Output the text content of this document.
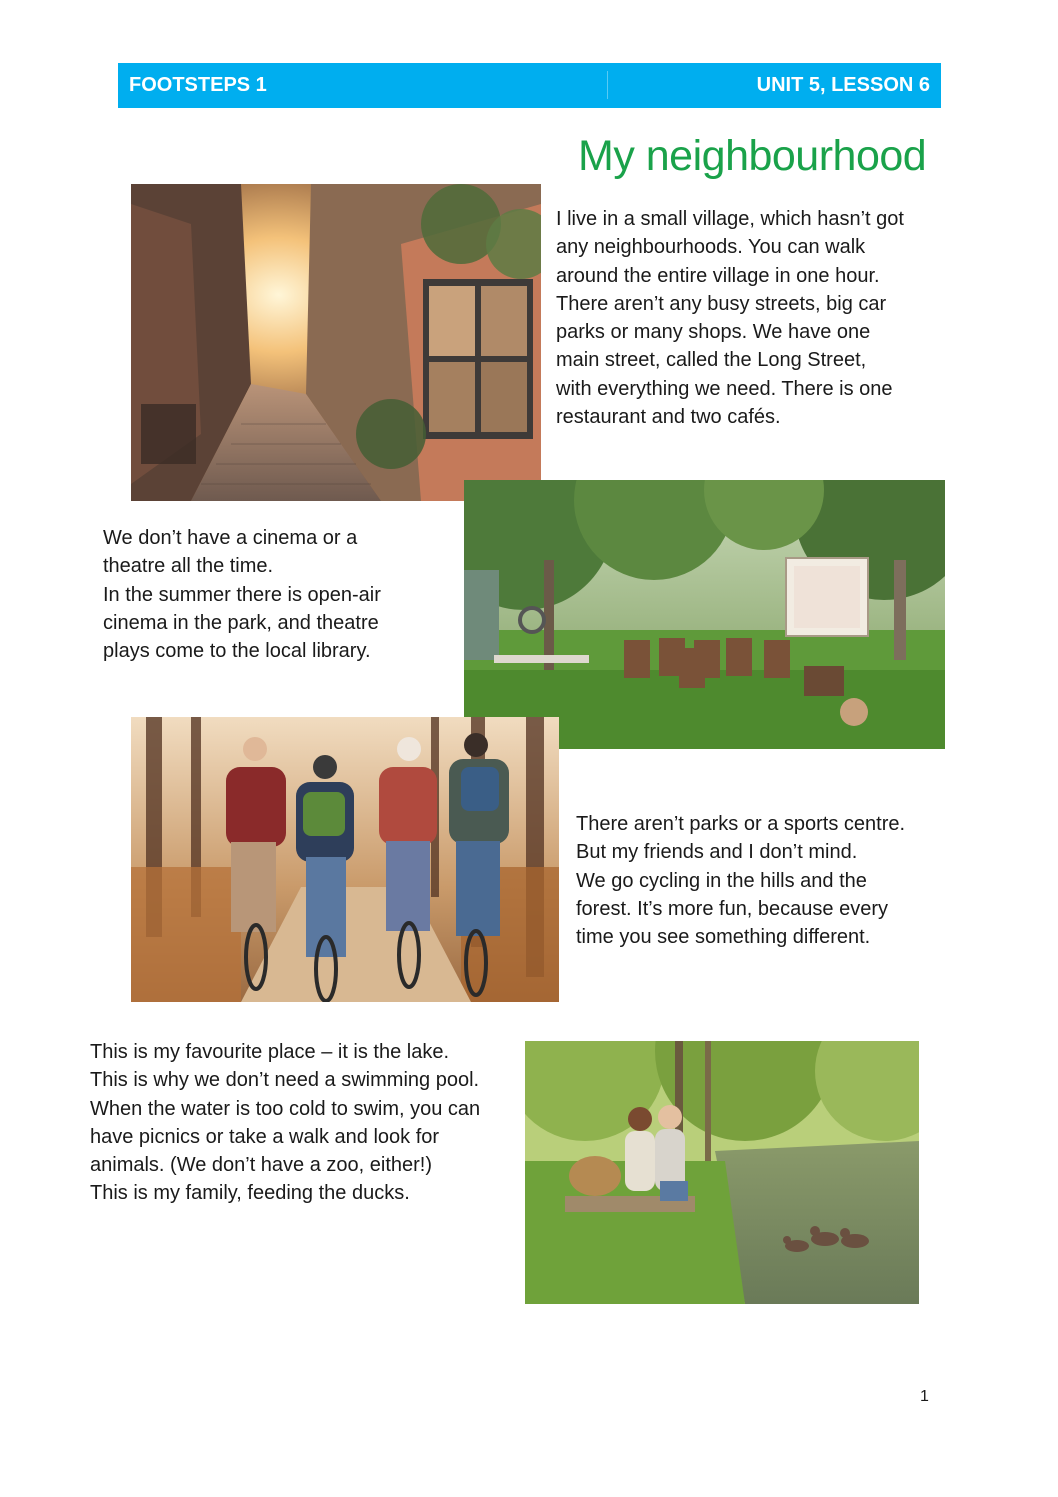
FOOTSTEPS 1	UNIT 5, LESSON 6
My neighbourhood

I live in a small village, which hasn’t got
any neighbourhoods. You can walk
around the entire village in one hour.
There aren’t any busy streets, big car
parks or many shops. We have one
main street, called the Long Street,
with everything we need. There is one
restaurant and two cafés.

We don’t have a cinema or a
theatre all the time.
In the summer there is open-air
cinema in the park, and theatre
plays come to the local library.

There aren’t parks or a sports centre.
But my friends and I don’t mind.
We go cycling in the hills and the
forest. It’s more fun, because every
time you see something different.

This is my favourite place – it is the lake.
This is why we don’t need a swimming pool.
When the water is too cold to swim, you can
have picnics or take a walk and look for
animals. (We don’t have a zoo, either!)
This is my family, feeding the ducks.

1
